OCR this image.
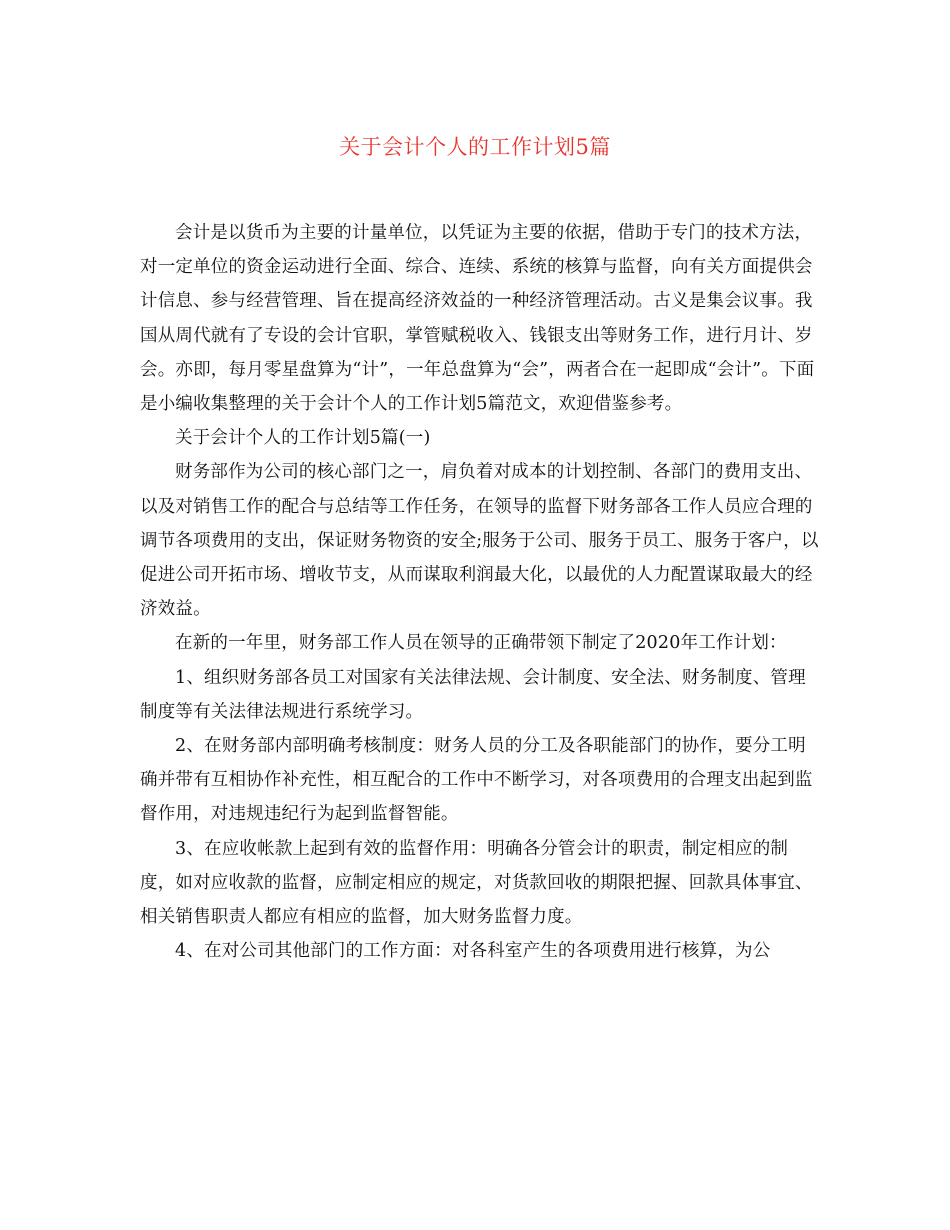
关于会计个人的工作计划5篇

会计是以货币为主要的计量单位，以凭证为主要的依据，借助于专门的技术方法，对一定单位的资金运动进行全面、综合、连续、系统的核算与监督，向有关方面提供会计信息、参与经营管理、旨在提高经济效益的一种经济管理活动。古义是集会议事。我国从周代就有了专设的会计官职，掌管赋税收入、钱银支出等财务工作，进行月计、岁会。亦即，每月零星盘算为“计”，一年总盘算为“会”，两者合在一起即成“会计”。下面是小编收集整理的关于会计个人的工作计划5篇范文，欢迎借鉴参考。

关于会计个人的工作计划5篇(一)

财务部作为公司的核心部门之一，肩负着对成本的计划控制、各部门的费用支出、以及对销售工作的配合与总结等工作任务，在领导的监督下财务部各工作人员应合理的调节各项费用的支出，保证财务物资的安全;服务于公司、服务于员工、服务于客户，以促进公司开拓市场、增收节支，从而谋取利润最大化，以最优的人力配置谋取最大的经济效益。

在新的一年里，财务部工作人员在领导的正确带领下制定了2020年工作计划：

1、组织财务部各员工对国家有关法律法规、会计制度、安全法、财务制度、管理制度等有关法律法规进行系统学习。

2、在财务部内部明确考核制度：财务人员的分工及各职能部门的协作，要分工明确并带有互相协作补充性，相互配合的工作中不断学习，对各项费用的合理支出起到监督作用，对违规违纪行为起到监督智能。

3、在应收帐款上起到有效的监督作用：明确各分管会计的职责，制定相应的制度，如对应收款的监督，应制定相应的规定，对货款回收的期限把握、回款具体事宜、相关销售职责人都应有相应的监督，加大财务监督力度。

4、在对公司其他部门的工作方面：对各科室产生的各项费用进行核算，为公
